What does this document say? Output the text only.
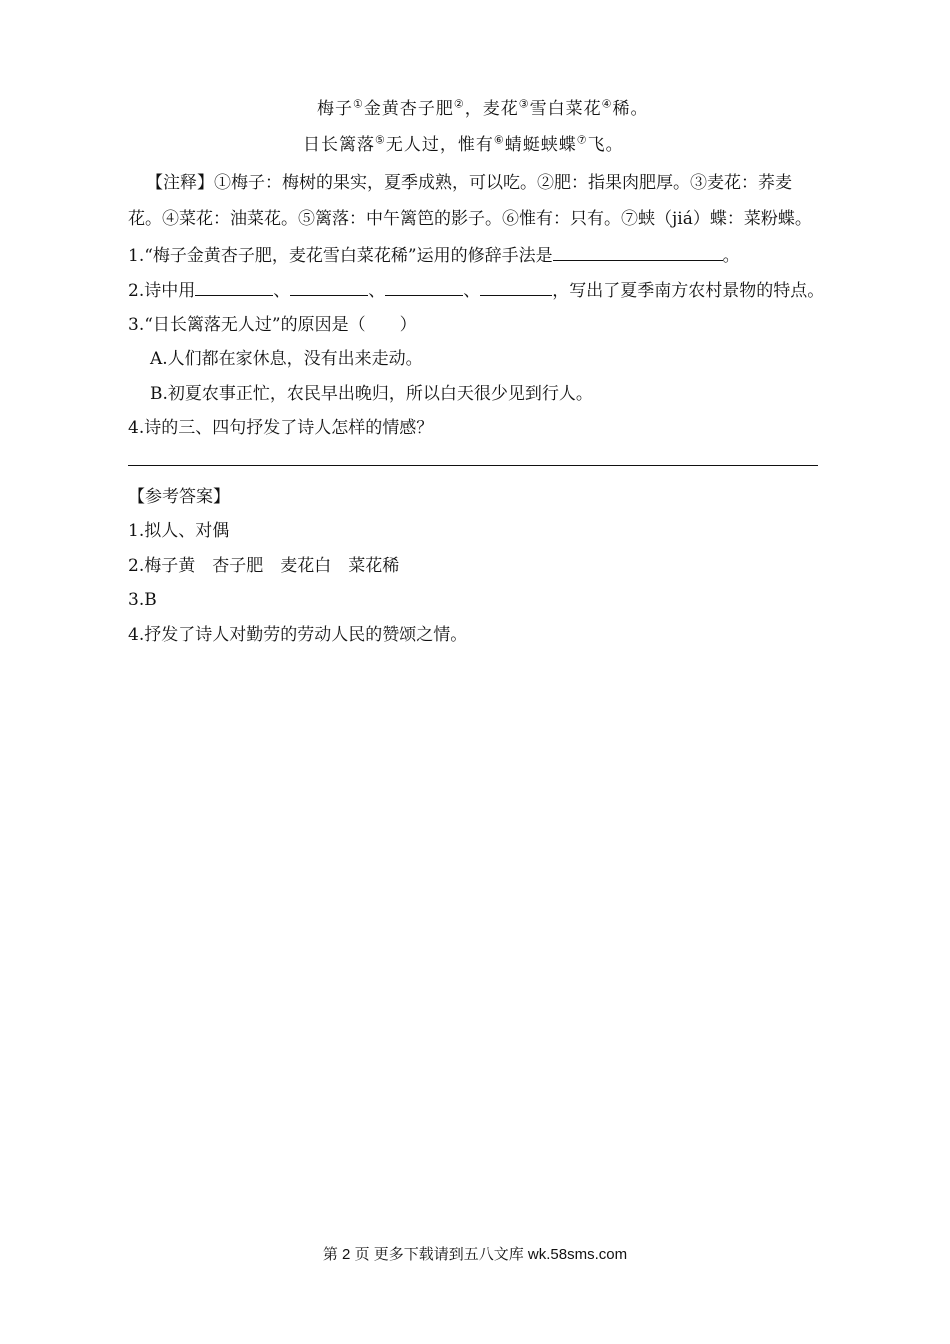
梅子①金黄杏子肥②，麦花③雪白菜花④稀。
日长篱落⑤无人过，惟有⑥蜻蜓蛱蝶⑦飞。
【注释】①梅子：梅树的果实，夏季成熟，可以吃。②肥：指果肉肥厚。③麦花：荞麦
花。④菜花：油菜花。⑤篱落：中午篱笆的影子。⑥惟有：只有。⑦蛱（jiá）蝶：菜粉蝶。
1.“梅子金黄杏子肥，麦花雪白菜花稀”运用的修辞手法是	。
2.诗中用	、	、	、	，写出了夏季南方农村景物的特点。
3.“日长篱落无人过”的原因是（　　）
A.人们都在家休息，没有出来走动。
B.初夏农事正忙，农民早出晚归，所以白天很少见到行人。
4.诗的三、四句抒发了诗人怎样的情感？
【参考答案】
1.拟人、对偶
2.梅子黄　杏子肥　麦花白　菜花稀
3.B
4.抒发了诗人对勤劳的劳动人民的赞颂之情。
第 2 页 更多下载请到五八文库 wk.58sms.com
